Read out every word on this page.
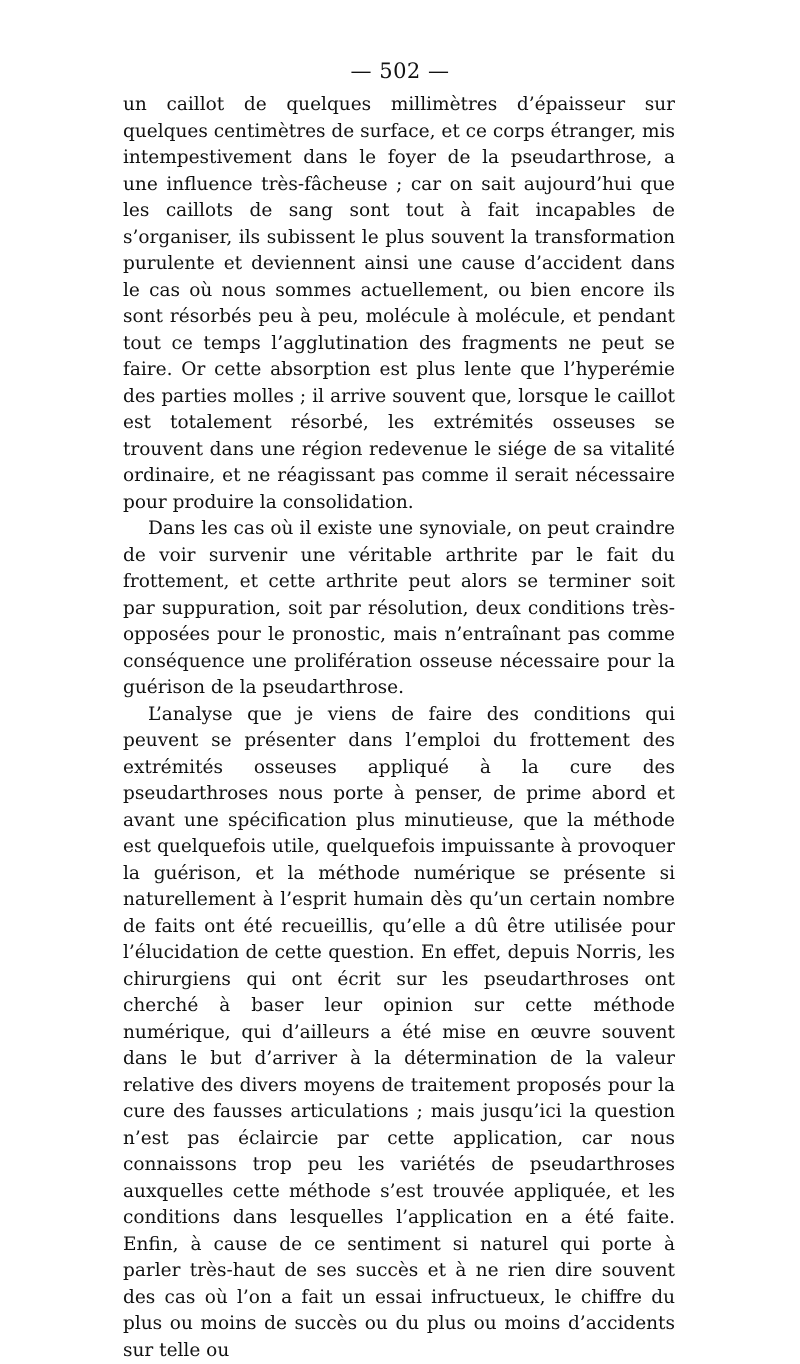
— 502 —

un caillot de quelques millimètres d’épaisseur sur quelques centimètres de surface, et ce corps étranger, mis intempestivement dans le foyer de la pseudarthrose, a une influence très-fâcheuse ; car on sait aujourd’hui que les caillots de sang sont tout à fait incapables de s’organiser, ils subissent le plus souvent la transformation purulente et deviennent ainsi une cause d’accident dans le cas où nous sommes actuellement, ou bien encore ils sont résorbés peu à peu, molécule à molécule, et pendant tout ce temps l’agglutination des fragments ne peut se faire. Or cette absorption est plus lente que l’hyperémie des parties molles ; il arrive souvent que, lorsque le caillot est totalement résorbé, les extrémités osseuses se trouvent dans une région redevenue le siége de sa vitalité ordinaire, et ne réagissant pas comme il serait nécessaire pour produire la consolidation.

Dans les cas où il existe une synoviale, on peut craindre de voir survenir une véritable arthrite par le fait du frottement, et cette arthrite peut alors se terminer soit par suppuration, soit par résolution, deux conditions très-opposées pour le pronostic, mais n’entraînant pas comme conséquence une prolifération osseuse nécessaire pour la guérison de la pseudarthrose.

L’analyse que je viens de faire des conditions qui peuvent se présenter dans l’emploi du frottement des extrémités osseuses appliqué à la cure des pseudarthroses nous porte à penser, de prime abord et avant une spécification plus minutieuse, que la méthode est quelquefois utile, quelquefois impuissante à provoquer la guérison, et la méthode numérique se présente si naturellement à l’esprit humain dès qu’un certain nombre de faits ont été recueillis, qu’elle a dû être utilisée pour l’élucidation de cette question. En effet, depuis Norris, les chirurgiens qui ont écrit sur les pseudarthroses ont cherché à baser leur opinion sur cette méthode numérique, qui d’ailleurs a été mise en œuvre souvent dans le but d’arriver à la détermination de la valeur relative des divers moyens de traitement proposés pour la cure des fausses articulations ; mais jusqu’ici la question n’est pas éclaircie par cette application, car nous connaissons trop peu les variétés de pseudarthroses auxquelles cette méthode s’est trouvée appliquée, et les conditions dans lesquelles l’application en a été faite. Enfin, à cause de ce sentiment si naturel qui porte à parler très-haut de ses succès et à ne rien dire souvent des cas où l’on a fait un essai infructueux, le chiffre du plus ou moins de succès ou du plus ou moins d’accidents sur telle ou
